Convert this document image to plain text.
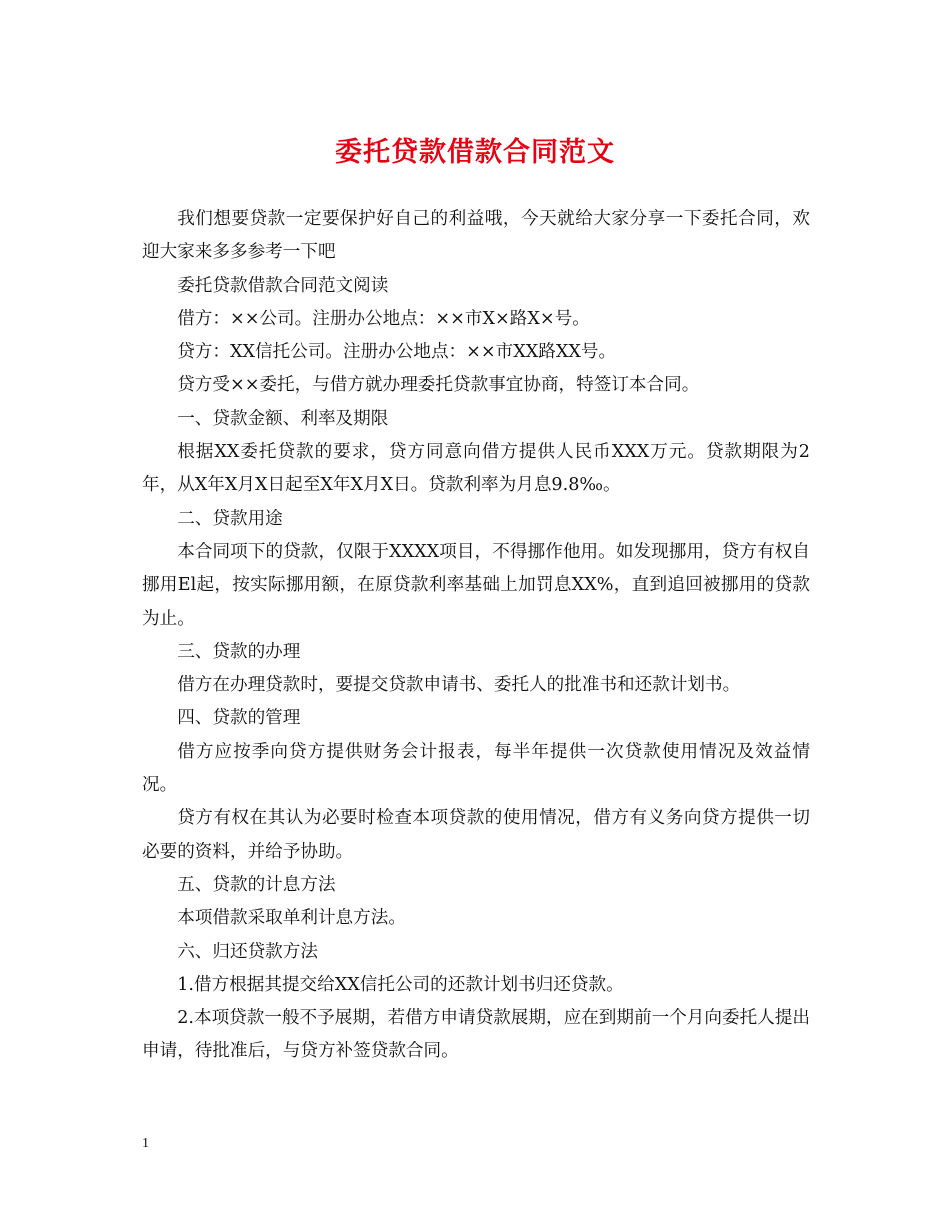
委托贷款借款合同范文

我们想要贷款一定要保护好自己的利益哦，今天就给大家分享一下委托合同，欢迎大家来多多参考一下吧

委托贷款借款合同范文阅读

借方：××公司。注册办公地点：××市X×路X×号。

贷方：XX信托公司。注册办公地点：××市XX路XX号。

贷方受××委托，与借方就办理委托贷款事宜协商，特签订本合同。

一、贷款金额、利率及期限

根据XX委托贷款的要求，贷方同意向借方提供人民币XXX万元。贷款期限为2年，从X年X月X日起至X年X月X日。贷款利率为月息9.8‰。

二、贷款用途

本合同项下的贷款，仅限于XXXX项目，不得挪作他用。如发现挪用，贷方有权自挪用El起，按实际挪用额，在原贷款利率基础上加罚息XX%，直到追回被挪用的贷款为止。

三、贷款的办理

借方在办理贷款时，要提交贷款申请书、委托人的批准书和还款计划书。

四、贷款的管理

借方应按季向贷方提供财务会计报表，每半年提供一次贷款使用情况及效益情况。

贷方有权在其认为必要时检查本项贷款的使用情况，借方有义务向贷方提供一切必要的资料，并给予协助。

五、贷款的计息方法

本项借款采取单利计息方法。

六、归还贷款方法

1.借方根据其提交给XX信托公司的还款计划书归还贷款。

2.本项贷款一般不予展期，若借方申请贷款展期，应在到期前一个月向委托人提出申请，待批准后，与贷方补签贷款合同。

1
